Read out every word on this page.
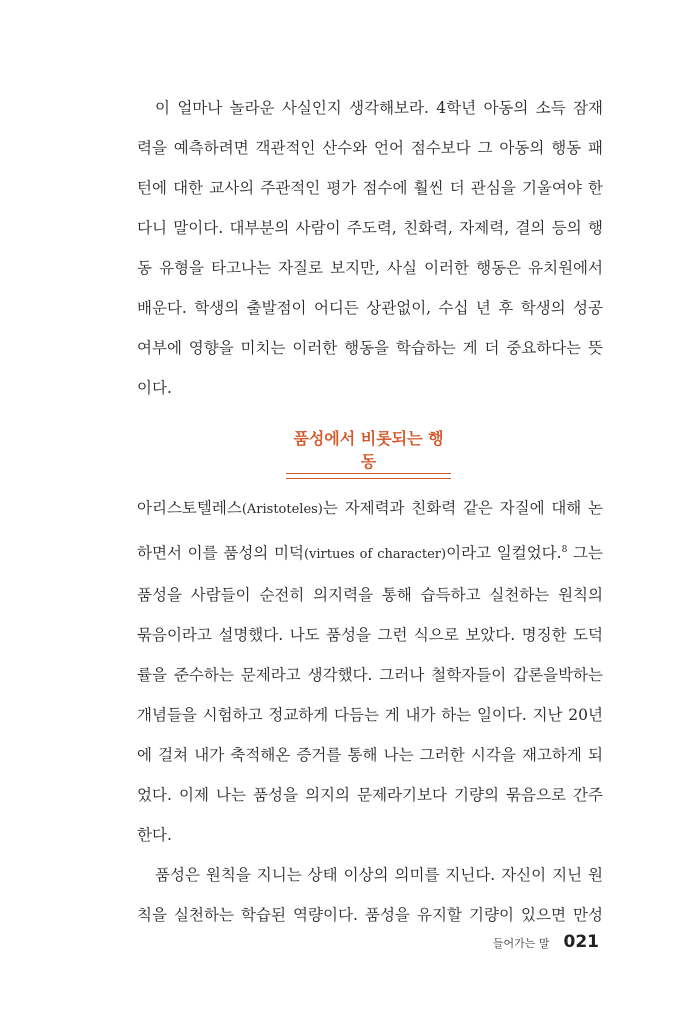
이 얼마나 놀라운 사실인지 생각해보라. 4학년 아동의 소득 잠재
력을 예측하려면 객관적인 산수와 언어 점수보다 그 아동의 행동 패
턴에 대한 교사의 주관적인 평가 점수에 훨씬 더 관심을 기울여야 한
다니 말이다. 대부분의 사람이 주도력, 친화력, 자제력, 결의 등의 행
동 유형을 타고나는 자질로 보지만, 사실 이러한 행동은 유치원에서
배운다. 학생의 출발점이 어디든 상관없이, 수십 년 후 학생의 성공
여부에 영향을 미치는 이러한 행동을 학습하는 게 더 중요하다는 뜻
이다.
품성에서 비롯되는 행동
아리스토텔레스(Aristoteles)는 자제력과 친화력 같은 자질에 대해 논
하면서 이를 품성의 미덕(virtues of character)이라고 일컬었다.$^8$ 그는
품성을 사람들이 순전히 의지력을 통해 습득하고 실천하는 원칙의
묶음이라고 설명했다. 나도 품성을 그런 식으로 보았다. 명징한 도덕
률을 준수하는 문제라고 생각했다. 그러나 철학자들이 갑론을박하는
개념들을 시험하고 정교하게 다듬는 게 내가 하는 일이다. 지난 20년
에 걸쳐 내가 축적해온 증거를 통해 나는 그러한 시각을 재고하게 되
었다. 이제 나는 품성을 의지의 문제라기보다 기량의 묶음으로 간주
한다.
품성은 원칙을 지니는 상태 이상의 의미를 지닌다. 자신이 지닌 원
칙을 실천하는 학습된 역량이다. 품성을 유지할 기량이 있으면 만성
들어가는 말 021
